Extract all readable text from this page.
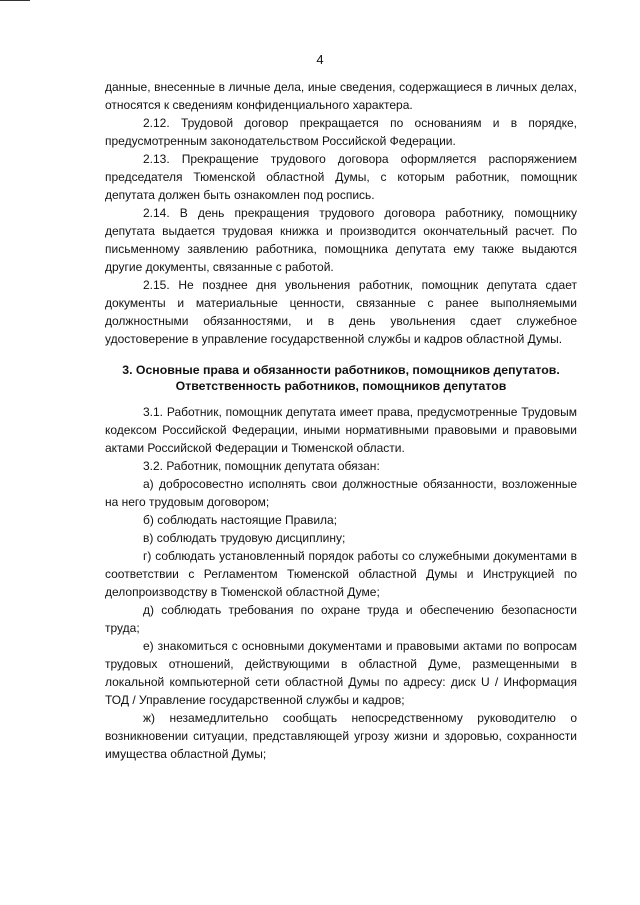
4

данные, внесенные в личные дела, иные сведения, содержащиеся в личных делах, относятся к сведениям конфиденциального характера.

2.12. Трудовой договор прекращается по основаниям и в порядке, предусмотренным законодательством Российской Федерации.

2.13. Прекращение трудового договора оформляется распоряжением председателя Тюменской областной Думы, с которым работник, помощник депутата должен быть ознакомлен под роспись.

2.14. В день прекращения трудового договора работнику, помощнику депутата выдается трудовая книжка и производится окончательный расчет. По письменному заявлению работника, помощника депутата ему также выдаются другие документы, связанные с работой.

2.15. Не позднее дня увольнения работник, помощник депутата сдает документы и материальные ценности, связанные с ранее выполняемыми должностными обязанностями, и в день увольнения сдает служебное удостоверение в управление государственной службы и кадров областной Думы.

3. Основные права и обязанности работников, помощников депутатов.
Ответственность работников, помощников депутатов

3.1. Работник, помощник депутата имеет права, предусмотренные Трудовым кодексом Российской Федерации, иными нормативными правовыми и правовыми актами Российской Федерации и Тюменской области.

3.2. Работник, помощник депутата обязан:

а) добросовестно исполнять свои должностные обязанности, возложенные на него трудовым договором;

б) соблюдать настоящие Правила;

в) соблюдать трудовую дисциплину;

г) соблюдать установленный порядок работы со служебными документами в соответствии с Регламентом Тюменской областной Думы и Инструкцией по делопроизводству в Тюменской областной Думе;

д) соблюдать требования по охране труда и обеспечению безопасности труда;

е) знакомиться с основными документами и правовыми актами по вопросам трудовых отношений, действующими в областной Думе, размещенными в локальной компьютерной сети областной Думы по адресу: диск U / Информация ТОД / Управление государственной службы и кадров;

ж) незамедлительно сообщать непосредственному руководителю о возникновении ситуации, представляющей угрозу жизни и здоровью, сохранности имущества областной Думы;
